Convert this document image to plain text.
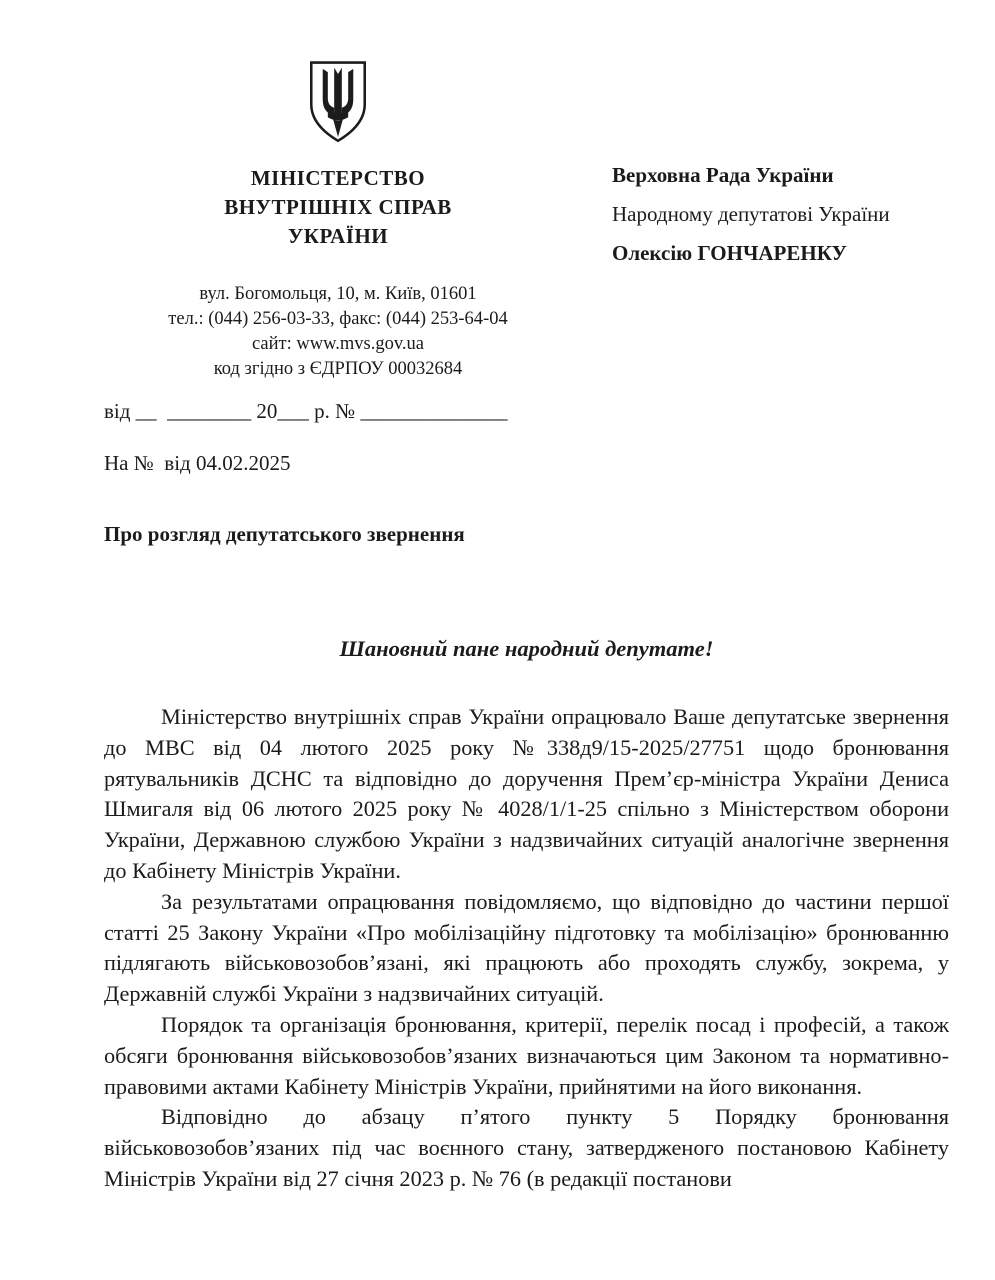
МІНІСТЕРСТВО
ВНУТРІШНІХ СПРАВ
УКРАЇНИ
вул. Богомольця, 10, м. Київ, 01601
тел.: (044) 256-03-33, факс: (044) 253-64-04
сайт: www.mvs.gov.ua
код згідно з ЄДРПОУ 00032684
Верховна Рада України
Народному депутатові України
Олексію ГОНЧАРЕНКУ
від __  ________ 20___ р. № ______________
На №  від 04.02.2025
Про розгляд депутатського звернення
Шановний пане народний депутате!

Міністерство внутрішніх справ України опрацювало Ваше депутатське звернення до МВС від 04 лютого 2025 року №338д9/15-2025/27751 щодо бронювання рятувальників ДСНС та відповідно до доручення Прем’єр-міністра України Дениса Шмигаля від 06 лютого 2025 року № 4028/1/1-25 спільно з Міністерством оборони України, Державною службою України з надзвичайних ситуацій аналогічне звернення до Кабінету Міністрів України.

За результатами опрацювання повідомляємо, що відповідно до частини першої статті 25 Закону України «Про мобілізаційну підготовку та мобілізацію» бронюванню підлягають військовозобов’язані, які працюють або проходять службу, зокрема, у Державній службі України з надзвичайних ситуацій.

Порядок та організація бронювання, критерії, перелік посад і професій, а також обсяги бронювання військовозобов’язаних визначаються цим Законом та нормативно-правовими актами Кабінету Міністрів України, прийнятими на його виконання.

Відповідно до абзацу п’ятого пункту 5 Порядку бронювання військовозобов’язаних під час воєнного стану, затвердженого постановою Кабінету Міністрів України від 27 січня 2023 р. № 76 (в редакції постанови
